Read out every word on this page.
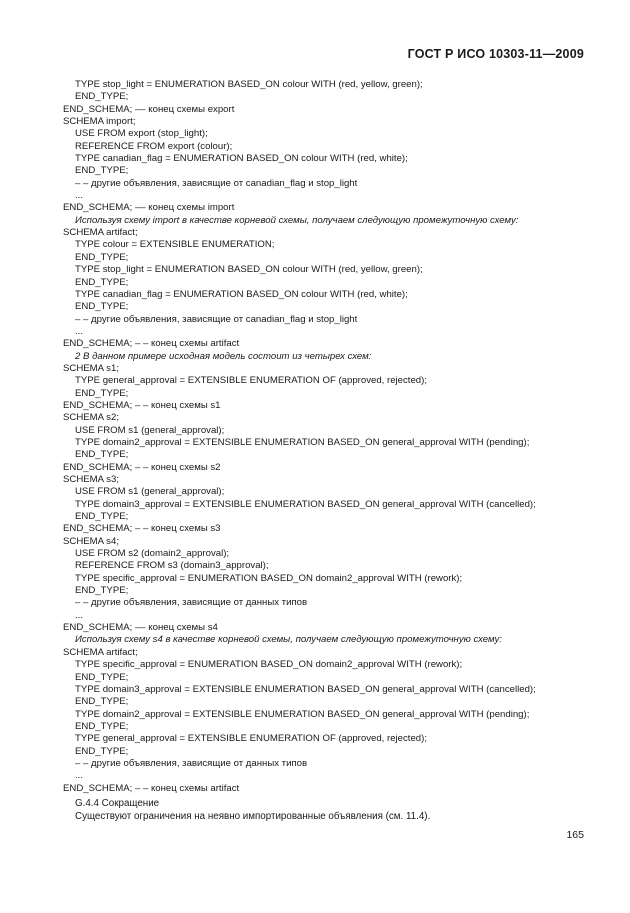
ГОСТ Р ИСО 10303-11—2009
TYPE stop_light = ENUMERATION BASED_ON colour WITH (red, yellow, green);
END_TYPE;
END_SCHEMA; –– конец схемы export
SCHEMA import;
USE FROM export (stop_light);
REFERENCE FROM export (colour);
TYPE canadian_flag = ENUMERATION BASED_ON colour WITH (red, white);
END_TYPE;
– – другие объявления, зависящие от canadian_flag и stop_light
...
END_SCHEMA; –– конец схемы import
Используя схему import в качестве корневой схемы, получаем следующую промежуточную схему:
SCHEMA artifact;
TYPE colour = EXTENSIBLE ENUMERATION;
END_TYPE;
TYPE stop_light = ENUMERATION BASED_ON colour WITH (red, yellow, green);
END_TYPE;
TYPE canadian_flag = ENUMERATION BASED_ON colour WITH (red, white);
END_TYPE;
– – другие объявления, зависящие от canadian_flag и stop_light
...
END_SCHEMA; – – конец схемы artifact
2 В данном примере исходная модель состоит из четырех схем:
SCHEMA s1;
TYPE general_approval = EXTENSIBLE ENUMERATION OF (approved, rejected);
END_TYPE;
END_SCHEMA; – – конец схемы s1
SCHEMA s2;
USE FROM s1 (general_approval);
TYPE domain2_approval = EXTENSIBLE ENUMERATION BASED_ON general_approval WITH (pending);
END_TYPE;
END_SCHEMA; – – конец схемы s2
SCHEMA s3;
USE FROM s1 (general_approval);
TYPE domain3_approval = EXTENSIBLE ENUMERATION BASED_ON general_approval WITH (cancelled);
END_TYPE;
END_SCHEMA; – – конец схемы s3
SCHEMA s4;
USE FROM s2 (domain2_approval);
REFERENCE FROM s3 (domain3_approval);
TYPE specific_approval = ENUMERATION BASED_ON domain2_approval WITH (rework);
END_TYPE;
– – другие объявления, зависящие от данных типов
...
END_SCHEMA; –– конец схемы s4
Используя схему s4 в качестве корневой схемы, получаем следующую промежуточную схему:
SCHEMA artifact;
TYPE specific_approval = ENUMERATION BASED_ON domain2_approval WITH (rework);
END_TYPE;
TYPE domain3_approval = EXTENSIBLE ENUMERATION BASED_ON general_approval WITH (cancelled);
END_TYPE;
TYPE domain2_approval = EXTENSIBLE ENUMERATION BASED_ON general_approval WITH (pending);
END_TYPE;
TYPE general_approval = EXTENSIBLE ENUMERATION OF (approved, rejected);
END_TYPE;
– – другие объявления, зависящие от данных типов
...
END_SCHEMA; – – конец схемы artifact
G.4.4 Сокращение
Существуют ограничения на неявно импортированные объявления (см. 11.4).
165
